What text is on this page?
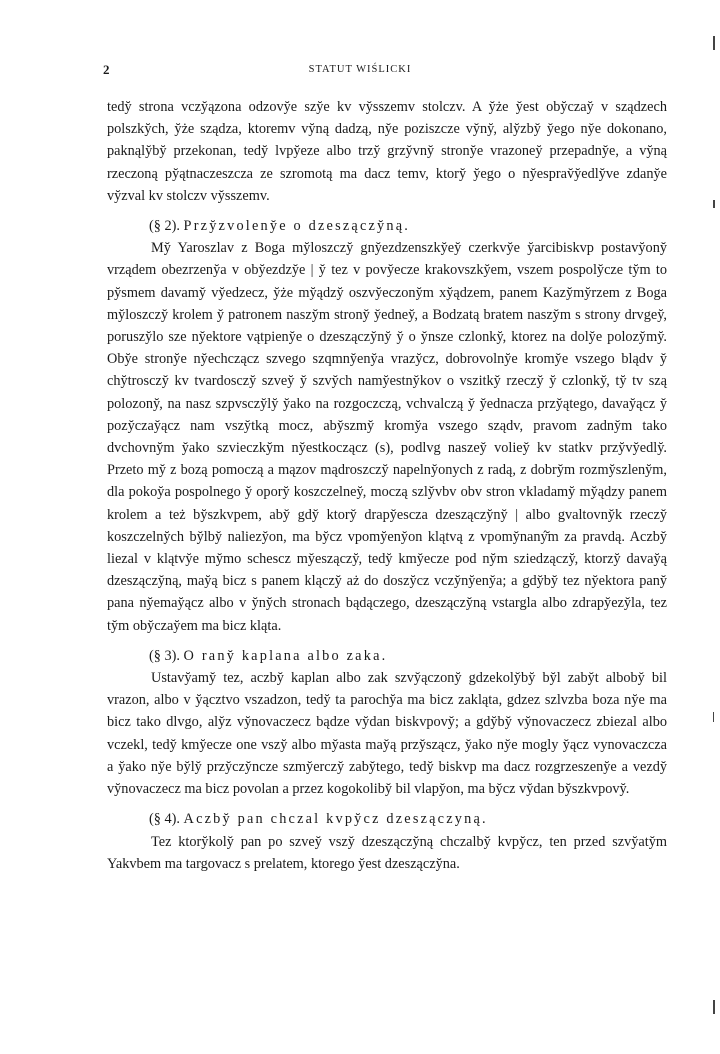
2	STATUT WIŚLICKI

tedy̆ strona vczy̆ązona odzovy̆e szy̆e kv vy̆sszemv stolczv. A y̆że y̆est oby̆czay̆ v sządzech polszky̆ch, y̆że sządza, ktoremv vy̆ną dadzą, ny̆e poziszcze vy̆ny̆, aly̆zby̆ y̆ego ny̆e dokonano, paknąly̆by̆ przekonan, tedy̆ lvpy̆eze albo trzy̆ grzy̆vny̆ strony̆e vrazoney̆ przepadny̆e, a vy̆ną rzeczoną py̆ątnaczeszcza ze szromotą ma dacz temv, ktory̆ y̆ego o ny̆esprav̆y̆edly̆ve zdany̆e vy̆zval kv stolczv vy̆sszemv.

(§ 2). Przy̆zvoleny̆e o dzeszączy̆ną.

My̆ Yaroszlav z Boga my̆loszczy̆ gny̆ezdzenszky̆ey̆ czerkvy̆e y̆arcibiskvp postavy̆ony̆ vrządem obezrzeny̆a v oby̆ezdzy̆e | y̆ tez v povy̆ecze krakovszky̆em, vszem pospoly̆cze ty̆m to py̆smem davamy̆ vy̆edzecz, y̆że my̆ądzy̆ oszvy̆eczony̆m xy̆ądzem, panem Kazy̆my̆rzem z Boga my̆loszczy̆ krolem y̆ patronem naszy̆m strony̆ y̆edney̆, a Bodzatą bratem naszy̆m s strony drvgey̆, poruszy̆lo sze ny̆ektore vątpieny̆e o dzeszączy̆ny̆ y̆ o y̆nsze czlonky̆, ktorez na doly̆e polozy̆my̆. Oby̆e strony̆e ny̆echczącz szvego szqmny̆eny̆a vrazy̆cz, dobrovolny̆e kromy̆e vszego blądv y̆ chy̆trosczy̆ kv tvardosczy̆ szvey̆ y̆ szvy̆ch namy̆estny̆kov o vszitky̆ rzeczy̆ y̆ czlonky̆, ty̆ tv szą polozony̆, na nasz szpvsczy̆ly̆ y̆ako na rozgoczczą, vchvalczą y̆ y̆ednacza przy̆ątego, davay̆ącz y̆ pozy̆czay̆ącz nam vszy̆tką mocz, aby̆szmy̆ kromy̆a vszego sządv, pravom zadny̆m tako dvchovny̆m y̆ako szvieczky̆m ny̆estkoczącz (s), podlvg naszey̆ voliey̆ kv statkv przy̆vy̆edly̆. Przeto my̆ z bozą pomoczą a mązov mądroszczy̆ napelny̆onych z radą, z dobry̆m rozmy̆szleny̆m, dla pokoy̆a pospolnego y̆ opory̆ koszczelney̆, moczą szly̆vbv obv stron vkladamy̆ my̆ądzy panem krolem a też by̆szkvpem, aby̆ gdy̆ ktory̆ drapy̆escza dzeszączy̆ny̆ | albo gvaltovny̆k rzeczy̆ koszczelny̆ch by̆lby̆ naliezy̆on, ma by̆cz vpomy̆eny̆on klątvą z vpomy̆naný̆m za pravdą. Aczby̆ liezal v klątvy̆e my̆mo schescz my̆eszączy̆, tedy̆ kmy̆ecze pod ny̆m sziedzączy̆, ktorzy̆ davay̆ą dzeszączy̆ną, may̆ą bicz s panem klączy̆ aż do doszy̆cz vczy̆ny̆eny̆a; a gdy̆by̆ tez ny̆ektora pany̆ pana ny̆emay̆ącz albo v y̆ny̆ch stronach bądączego, dzeszączy̆ną vstargla albo zdrapy̆ezy̆la, tez ty̆m oby̆czay̆em ma bicz kląta.

(§ 3). O rany̆ kaplana albo zaka.

Ustavy̆amy̆ tez, aczby̆ kaplan albo zak szvy̆ączony̆ gdzekoly̆by̆ by̆l zaby̆t alboby̆ bil vrazon, albo v y̆ącztvo vszadzon, tedy̆ ta parochy̆a ma bicz zakląta, gdzez szlvzba boza ny̆e ma bicz tako dlvgo, aly̆z vy̆novaczecz bądze vy̆dan biskvpovy̆; a gdy̆by̆ vy̆novaczecz zbiezal albo vczekl, tedy̆ kmy̆ecze one vszy̆ albo my̆asta may̆ą przy̆szącz, y̆ako ny̆e mogly y̆ącz vynovaczcza a y̆ako ny̆e by̆ly̆ przy̆czy̆ncze szmy̆erczy̆ zaby̆tego, tedy̆ biskvp ma dacz rozgrzeszeny̆e a vezdy̆ vy̆novaczecz ma bicz povolan a przez kogokoliby̆ bil vlapy̆on, ma by̆cz vy̆dan by̆szkvpovy̆.

(§ 4). Aczby̆ pan chczal kvpy̆cz dzeszączyną.

Tez ktory̆koly̆ pan po szvey̆ vszy̆ dzeszączy̆ną chczalby̆ kvpy̆cz, ten przed szvy̆aty̆m Yakvbem ma targovacz s prelatem, ktorego y̆est dzeszączy̆na.
